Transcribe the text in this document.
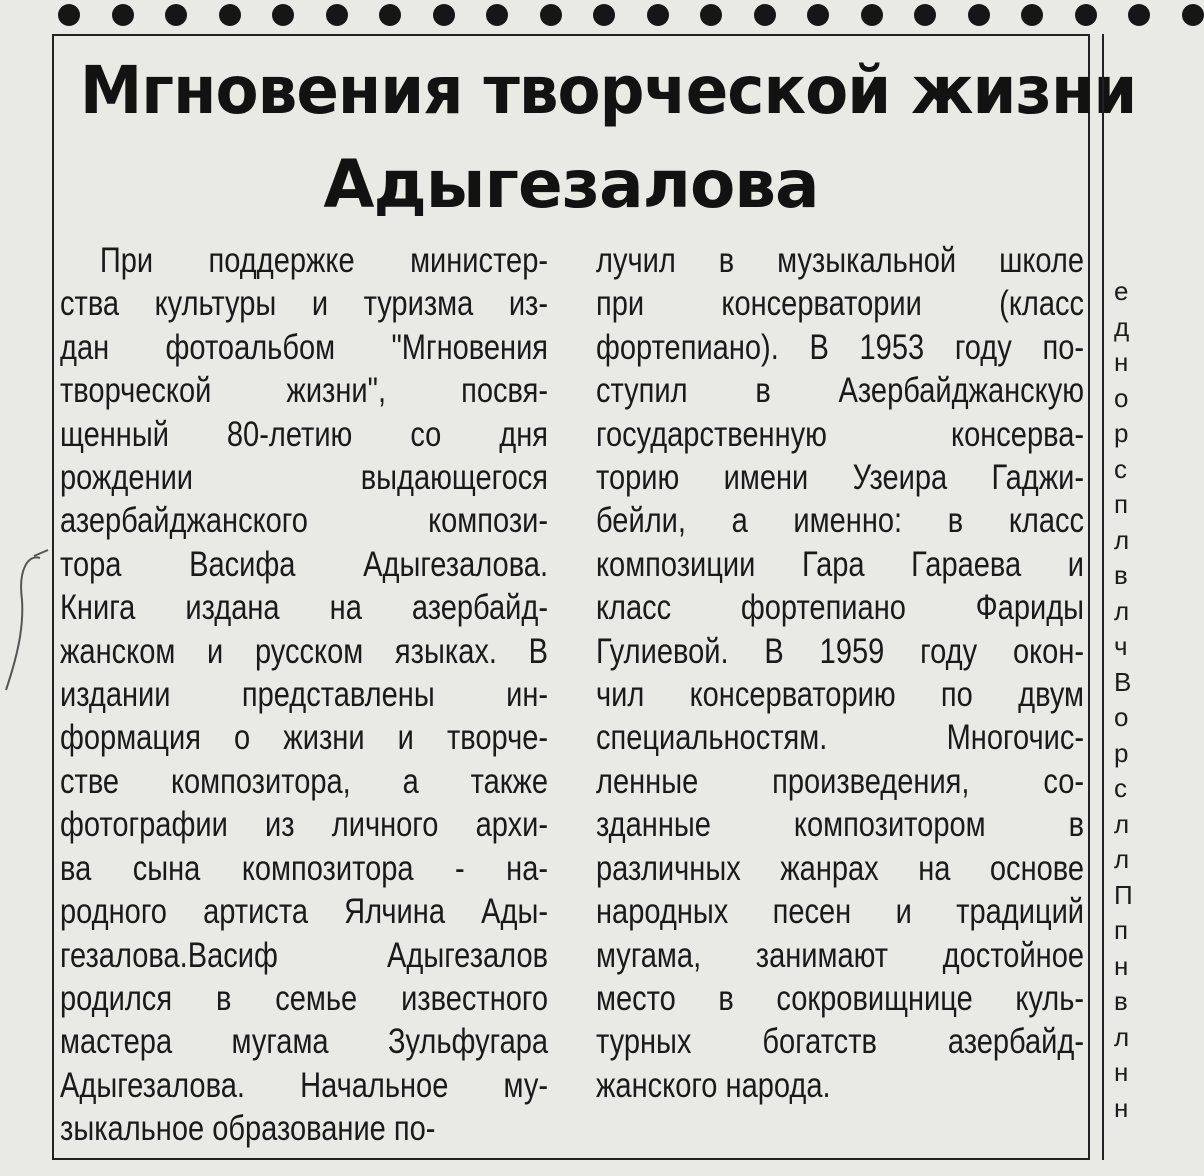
Мгновения творческой жизни
Адыгезалова
При поддержке министер-
ства культуры и туризма из-
дан фотоальбом "Мгновения
творческой жизни", посвя-
щенный 80-летию со дня
рождении выдающегося
азербайджанского компози-
тора Васифа Адыгезалова.
Книга издана на азербайд-
жанском и русском языках. В
издании представлены ин-
формация о жизни и творче-
стве композитора, а также
фотографии из личного архи-
ва сына композитора - на-
родного артиста Ялчина Ады-
гезалова.Васиф Адыгезалов
родился в семье известного
мастера мугама Зульфугара
Адыгезалова. Начальное му-
зыкальное образование по-
лучил в музыкальной школе
при консерватории (класс
фортепиано). В 1953 году по-
ступил в Азербайджанскую
государственную консерва-
торию имени Узеира Гаджи-
бейли, а именно: в класс
композиции Гара Гараева и
класс фортепиано Фариды
Гулиевой. В 1959 году окон-
чил консерваторию по двум
специальностям. Многочис-
ленные произведения, со-
зданные композитором в
различных жанрах на основе
народных песен и традиций
мугама, занимают достойное
место в сокровищнице куль-
турных богатств азербайд-
жанского народа.
е
д
н
о
р
с
п
л
в
л
ч
В
о
р
с
л
л
П
п
н
в
л
н
н
